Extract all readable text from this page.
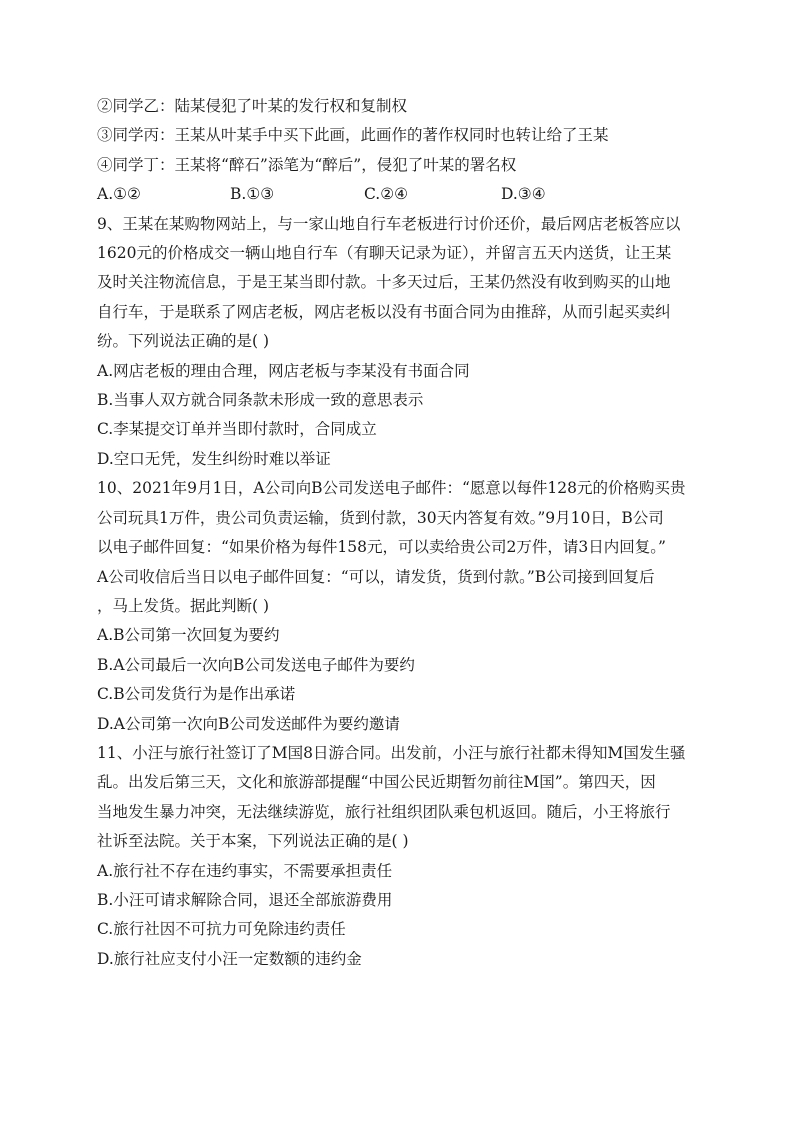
②同学乙：陆某侵犯了叶某的发行权和复制权
③同学丙：王某从叶某手中买下此画，此画作的著作权同时也转让给了王某
④同学丁：王某将“醉石”添笔为“醉后”，侵犯了叶某的署名权
A.①②	B.①③	C.②④	D.③④
9、王某在某购物网站上，与一家山地自行车老板进行讨价还价，最后网店老板答应以
1620元的价格成交一辆山地自行车（有聊天记录为证），并留言五天内送货，让王某
及时关注物流信息，于是王某当即付款。十多天过后，王某仍然没有收到购买的山地
自行车，于是联系了网店老板，网店老板以没有书面合同为由推辞，从而引起买卖纠
纷。下列说法正确的是( )
A.网店老板的理由合理，网店老板与李某没有书面合同
B.当事人双方就合同条款未形成一致的意思表示
C.李某提交订单并当即付款时，合同成立
D.空口无凭，发生纠纷时难以举证
10、2021年9月1日，A公司向B公司发送电子邮件：“愿意以每件128元的价格购买贵
公司玩具1万件，贵公司负责运输，货到付款，30天内答复有效。”9月10日，B公司
以电子邮件回复：“如果价格为每件158元，可以卖给贵公司2万件，请3日内回复。”
A公司收信后当日以电子邮件回复：“可以，请发货，货到付款。”B公司接到回复后
，马上发货。据此判断( )
A.B公司第一次回复为要约
B.A公司最后一次向B公司发送电子邮件为要约
C.B公司发货行为是作出承诺
D.A公司第一次向B公司发送邮件为要约邀请
11、小汪与旅行社签订了M国8日游合同。出发前，小汪与旅行社都未得知M国发生骚
乱。出发后第三天，文化和旅游部提醒“中国公民近期暂勿前往M国”。第四天，因
当地发生暴力冲突，无法继续游览，旅行社组织团队乘包机返回。随后，小王将旅行
社诉至法院。关于本案，下列说法正确的是( )
A.旅行社不存在违约事实，不需要承担责任
B.小汪可请求解除合同，退还全部旅游费用
C.旅行社因不可抗力可免除违约责任
D.旅行社应支付小汪一定数额的违约金
